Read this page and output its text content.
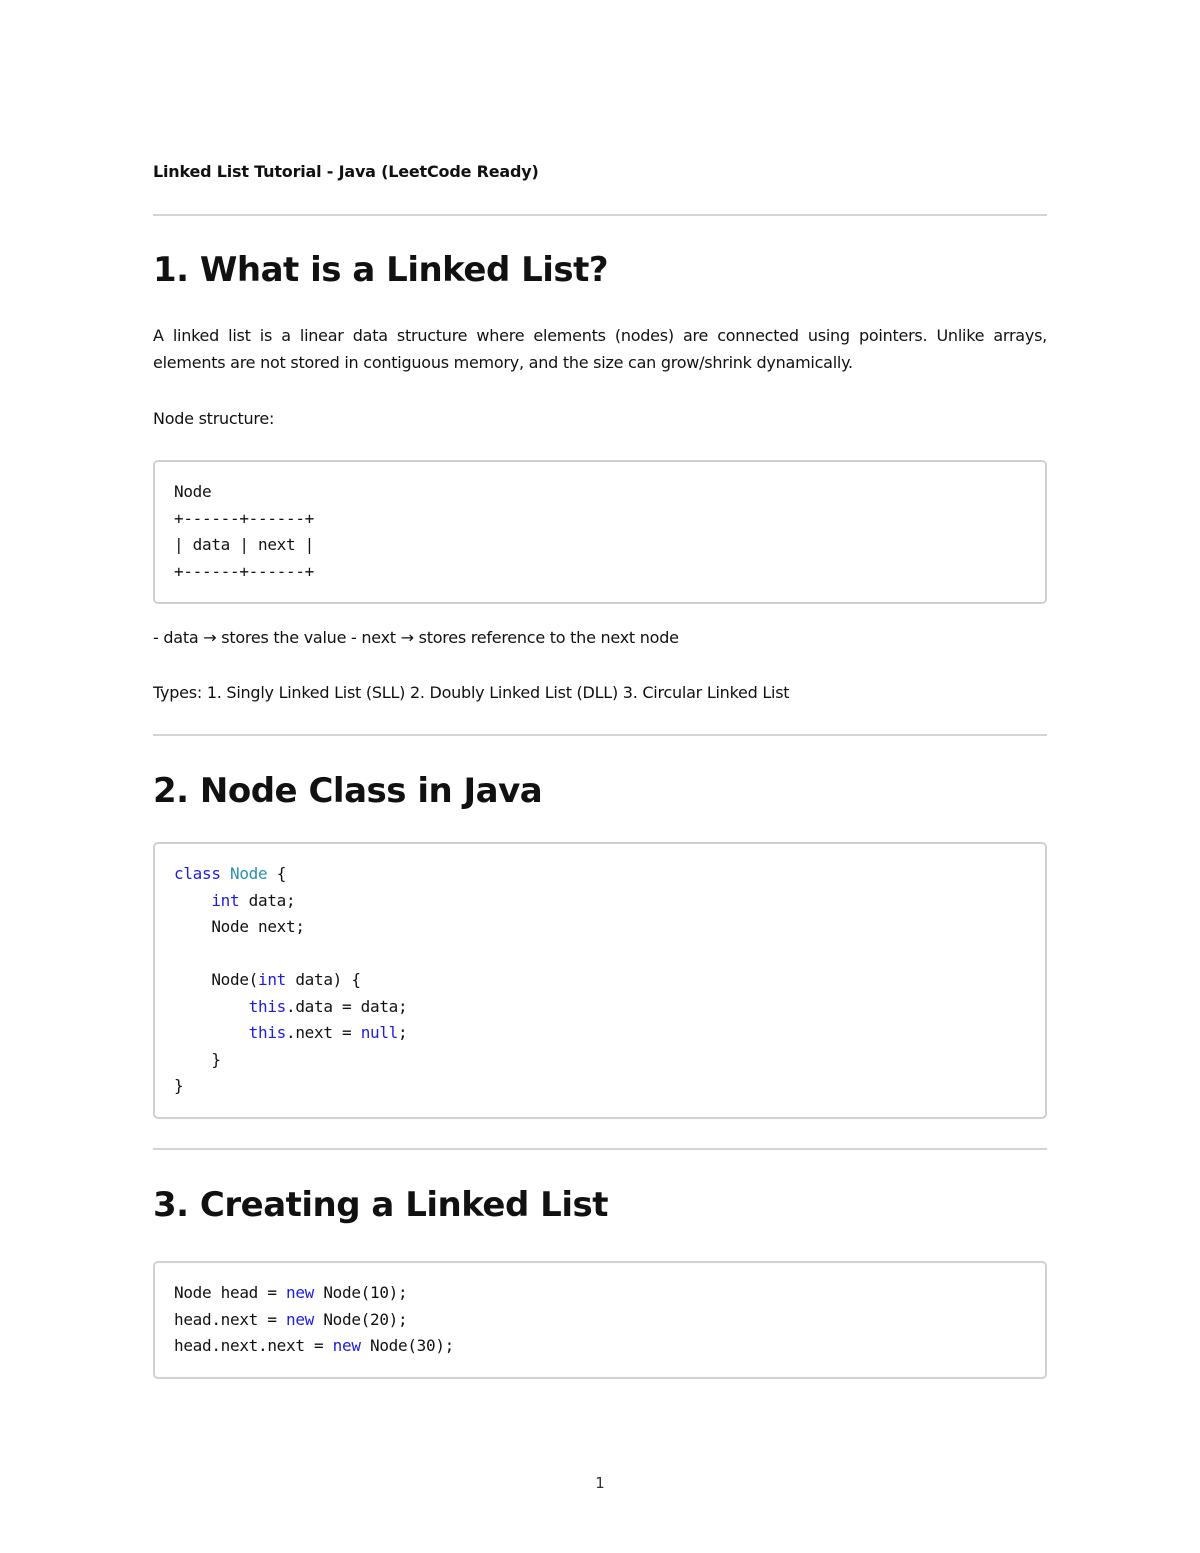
Linked List Tutorial - Java (LeetCode Ready)
1. What is a Linked List?

A linked list is a linear data structure where elements (nodes) are connected using pointers. Unlike arrays, elements are not stored in contiguous memory, and the size can grow/shrink dynamically.

Node structure:

Node
+------+------+
| data | next |
+------+------+

- data → stores the value - next → stores reference to the next node

Types: 1. Singly Linked List (SLL) 2. Doubly Linked List (DLL) 3. Circular Linked List

2. Node Class in Java
class Node {
int data;
Node next;
Node(int data) {
this.data = data;
this.next = null;
}
}
3. Creating a Linked List
Node head = new Node(10);
head.next = new Node(20);
head.next.next = new Node(30);
1
